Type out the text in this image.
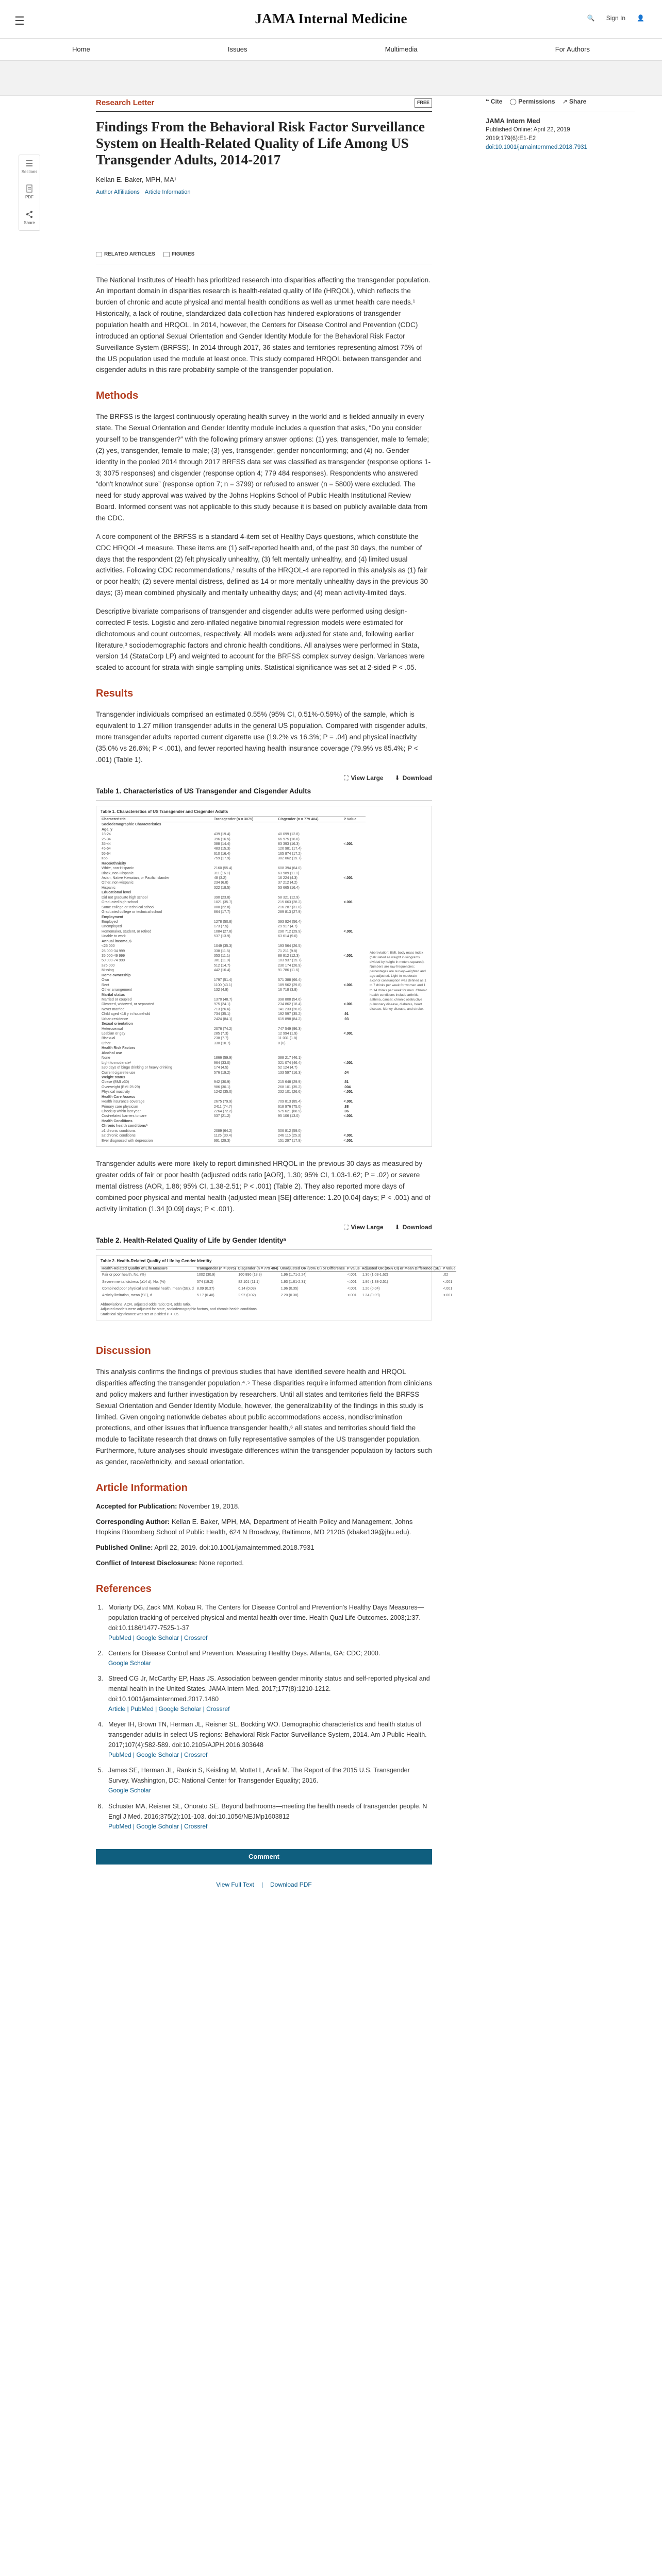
☰	JAMA Internal Medicine	🔍 Sign In 👤
Home	Issues	Multimedia	For Authors
Sections
PDF
Share
Research Letter	FREE
Findings From the Behavioral Risk Factor Surveillance System on Health-Related Quality of Life Among US Transgender Adults, 2014-2017
Kellan E. Baker, MPH, MA¹
Author Affiliations Article Information
RELATED ARTICLES	FIGURES

The National Institutes of Health has prioritized research into disparities affecting the transgender population. An important domain in disparities research is health-related quality of life (HRQOL), which reflects the burden of chronic and acute physical and mental health conditions as well as unmet health care needs.¹ Historically, a lack of routine, standardized data collection has hindered explorations of transgender population health and HRQOL. In 2014, however, the Centers for Disease Control and Prevention (CDC) introduced an optional Sexual Orientation and Gender Identity Module for the Behavioral Risk Factor Surveillance System (BRFSS). In 2014 through 2017, 36 states and territories representing almost 75% of the US population used the module at least once. This study compared HRQOL between transgender and cisgender adults in this rare probability sample of the transgender population.

Methods

The BRFSS is the largest continuously operating health survey in the world and is fielded annually in every state. The Sexual Orientation and Gender Identity module includes a question that asks, “Do you consider yourself to be transgender?” with the following primary answer options: (1) yes, transgender, male to female; (2) yes, transgender, female to male; (3) yes, transgender, gender nonconforming; and (4) no. Gender identity in the pooled 2014 through 2017 BRFSS data set was classified as transgender (response options 1-3; 3075 responses) and cisgender (response option 4; 779 484 responses). Respondents who answered “don't know/not sure” (response option 7; n = 3799) or refused to answer (n = 5800) were excluded. The need for study approval was waived by the Johns Hopkins School of Public Health Institutional Review Board. Informed consent was not applicable to this study because it is based on publicly available data from the CDC.

A core component of the BRFSS is a standard 4-item set of Healthy Days questions, which constitute the CDC HRQOL-4 measure. These items are (1) self-reported health and, of the past 30 days, the number of days that the respondent (2) felt physically unhealthy, (3) felt mentally unhealthy, and (4) limited usual activities. Following CDC recommendations,² results of the HRQOL-4 are reported in this analysis as (1) fair or poor health; (2) severe mental distress, defined as 14 or more mentally unhealthy days in the previous 30 days; (3) mean combined physically and mentally unhealthy days; and (4) mean activity-limited days.

Descriptive bivariate comparisons of transgender and cisgender adults were performed using design-corrected F tests. Logistic and zero-inflated negative binomial regression models were estimated for dichotomous and count outcomes, respectively. All models were adjusted for state and, following earlier literature,³ sociodemographic factors and chronic health conditions. All analyses were performed in Stata, version 14 (StataCorp LP) and weighted to account for the BRFSS complex survey design. Variances were scaled to account for strata with single sampling units. Statistical significance was set at 2-sided P < .05.

Results

Transgender individuals comprised an estimated 0.55% (95% CI, 0.51%-0.59%) of the sample, which is equivalent to 1.27 million transgender adults in the general US population. Compared with cisgender adults, more transgender adults reported current cigarette use (19.2% vs 16.3%; P = .04) and physical inactivity (35.0% vs 26.6%; P < .001), and fewer reported having health insurance coverage (79.9% vs 85.4%; P < .001) (Table 1).

⛶ View Large ⬇ Download
Table 1. Characteristics of US Transgender and Cisgender Adults
Table 1. Characteristics of US Transgender and Cisgender Adults
Characteristic	Transgender (n = 3075)	Cisgender (n = 779 484)	P Value
Sociodemographic Characteristics			
Age, y			
18-24	439 (19.4)	40 099 (12.8)	
25-34	396 (16.5)	66 975 (16.6)	
35-44	388 (14.4)	83 393 (16.3)	<.001
45-54	483 (15.3)	120 981 (17.4)	
55-64	610 (16.4)	165 874 (17.2)	
≥65	759 (17.9)	302 062 (19.7)	
Race/ethnicity			
White, non-Hispanic	2160 (55.4)	608 394 (64.0)	
Black, non-Hispanic	311 (16.1)	63 989 (11.1)	
Asian, Native Hawaiian, or Pacific Islander	48 (3.2)	16 224 (4.3)	<.001
Other, non-Hispanic	234 (6.8)	37 212 (4.2)	
Hispanic	322 (18.5)	53 665 (16.4)	
Educational level			
Did not graduate high school	390 (23.8)	58 321 (12.9)	
Graduated high school	1021 (35.7)	215 063 (28.2)	<.001
Some college or technical school	800 (22.8)	216 287 (31.0)	
Graduated college or technical school	864 (17.7)	289 813 (27.9)	
Employment			
Employed	1278 (50.8)	393 924 (56.4)	
Unemployed	173 (7.5)	29 917 (4.7)	
Homemaker, student, or retired	1084 (27.8)	290 712 (29.9)	<.001
Unable to work	537 (13.9)	63 614 (9.0)	
Annual income, $			
<25 000	1049 (35.3)	193 564 (26.5)	
25 000-34 999	338 (11.5)	71 211 (9.8)	
35 000-49 999	353 (11.1)	88 812 (12.3)	<.001
50 000-74 999	381 (11.0)	103 937 (15.7)	
≥75 000	512 (14.7)	230 174 (26.9)	
Missing	442 (16.4)	91 786 (11.6)	
Home ownership			
Own	1797 (51.4)	571 388 (66.4)	
Rent	1100 (43.1)	189 562 (29.8)	<.001
Other arrangement	132 (4.9)	16 718 (3.8)	
Marital status			
Married or coupled	1370 (48.7)	398 808 (54.6)	
Divorced, widowed, or separated	975 (24.1)	234 862 (18.4)	<.001
Never married	713 (26.6)	141 233 (26.6)	
Child aged <18 y in household	734 (35.1)	192 597 (35.2)	.91
Urban residence	2424 (84.1)	615 898 (84.2)	.93
Sexual orientation			
Heterosexual	2076 (74.2)	747 549 (96.3)	
Lesbian or gay	285 (7.3)	12 994 (1.9)	<.001
Bisexual	238 (7.7)	11 031 (1.8)	
Other	330 (10.7)	0 (0)	
Health Risk Factors			
Alcohol use			
None	1866 (59.9)	388 217 (46.1)	
Light to moderateᵃ	964 (33.0)	321 074 (46.4)	<.001
≥30 days of binge drinking or heavy drinking	174 (4.5)	52 124 (4.7)	
Current cigarette use	576 (19.2)	133 597 (16.3)	.04
Weight status			
Obese (BMI ≥30)	942 (30.9)	215 648 (29.9)	.51
Overweight (BMI 25-29)	986 (30.1)	268 101 (35.2)	.004
Physical inactivity	1242 (35.0)	232 101 (26.6)	<.001
Health Care Access			
Health insurance coverage	2675 (79.9)	709 813 (85.4)	<.001
Primary care physician	2411 (74.7)	618 976 (75.0)	.88
Checkup within last year	2264 (72.2)	575 621 (68.9)	.06
Cost-related barriers to care	537 (21.2)	95 106 (13.0)	<.001
Health Conditions			
Chronic health conditionsᵇ			
≥1 chronic conditions	2089 (64.2)	506 812 (59.0)	
≥2 chronic conditions	1126 (30.4)	246 115 (25.3)	<.001
Ever diagnosed with depression	991 (29.3)	151 297 (17.9)	<.001
Abbreviation: BMI, body mass index (calculated as weight in kilograms divided by height in meters squared). Numbers are raw frequencies; percentages are survey-weighted and age-adjusted. Light to moderate alcohol consumption was defined as 1 to 7 drinks per week for women and 1 to 14 drinks per week for men. Chronic health conditions include arthritis, asthma, cancer, chronic obstructive pulmonary disease, diabetes, heart disease, kidney disease, and stroke.

Transgender adults were more likely to report diminished HRQOL in the previous 30 days as measured by greater odds of fair or poor health (adjusted odds ratio [AOR], 1.30; 95% CI, 1.03-1.62; P = .02) or severe mental distress (AOR, 1.86; 95% CI, 1.38-2.51; P < .001) (Table 2). They also reported more days of combined poor physical and mental health (adjusted mean [SE] difference: 1.20 [0.04] days; P < .001) and of activity limitation (1.34 [0.09] days; P < .001).

⛶ View Large ⬇ Download
Table 2. Health-Related Quality of Life by Gender Identityᵃ
Table 2. Health-Related Quality of Life by Gender Identity
Health-Related Quality of Life Measure	Transgender (n = 3075)	Cisgender (n = 779 484)	Unadjusted OR (95% CI) or Difference	P Value	Adjusted OR (95% CI) or Mean Difference (SE)	P Value
Fair or poor health, No. (%)	1002 (30.9)	160 896 (18.3)	1.96 (1.71-2.24)	<.001	1.30 (1.03-1.62)	.02
Severe mental distress (≥14 d), No. (%)	574 (19.2)	82 101 (11.1)	1.93 (1.61-2.31)	<.001	1.86 (1.38-2.51)	<.001
Combined poor physical and mental health, mean (SE), d	8.09 (0.37)	6.14 (0.03)	1.96 (0.35)	<.001	1.20 (0.04)	<.001
Activity limitation, mean (SE), d	5.17 (0.40)	2.97 (0.02)	2.20 (0.38)	<.001	1.34 (0.09)	<.001
Abbreviations: AOR, adjusted odds ratio; OR, odds ratio.
Adjusted models were adjusted for state, sociodemographic factors, and chronic health conditions.
Statistical significance was set at 2-sided P < .05.
Discussion

This analysis confirms the findings of previous studies that have identified severe health and HRQOL disparities affecting the transgender population.⁴˒⁵ These disparities require informed attention from clinicians and policy makers and further investigation by researchers. Until all states and territories field the BRFSS Sexual Orientation and Gender Identity Module, however, the generalizability of the findings in this study is limited. Given ongoing nationwide debates about public accommodations access, nondiscrimination protections, and other issues that influence transgender health,⁶ all states and territories should field the module to facilitate research that draws on fully representative samples of the US transgender population. Furthermore, future analyses should investigate differences within the transgender population by factors such as gender, race/ethnicity, and sexual orientation.

Article Information
Accepted for Publication: November 19, 2018.
Corresponding Author: Kellan E. Baker, MPH, MA, Department of Health Policy and Management, Johns Hopkins Bloomberg School of Public Health, 624 N Broadway, Baltimore, MD 21205 (kbake139@jhu.edu).
Published Online: April 22, 2019. doi:10.1001/jamainternmed.2018.7931
Conflict of Interest Disclosures: None reported.
References
1. Moriarty DG, Zack MM, Kobau R. The Centers for Disease Control and Prevention's Healthy Days Measures—population tracking of perceived physical and mental health over time. Health Qual Life Outcomes. 2003;1:37. doi:10.1186/1477-7525-1-37
PubMed | Google Scholar | Crossref
2. Centers for Disease Control and Prevention. Measuring Healthy Days. Atlanta, GA: CDC; 2000.
Google Scholar
3. Streed CG Jr, McCarthy EP, Haas JS. Association between gender minority status and self-reported physical and mental health in the United States. JAMA Intern Med. 2017;177(8):1210-1212. doi:10.1001/jamainternmed.2017.1460
Article | PubMed | Google Scholar | Crossref
4. Meyer IH, Brown TN, Herman JL, Reisner SL, Bockting WO. Demographic characteristics and health status of transgender adults in select US regions: Behavioral Risk Factor Surveillance System, 2014. Am J Public Health. 2017;107(4):582-589. doi:10.2105/AJPH.2016.303648
PubMed | Google Scholar | Crossref
5. James SE, Herman JL, Rankin S, Keisling M, Mottet L, Anafi M. The Report of the 2015 U.S. Transgender Survey. Washington, DC: National Center for Transgender Equality; 2016.
Google Scholar
6. Schuster MA, Reisner SL, Onorato SE. Beyond bathrooms—meeting the health needs of transgender people. N Engl J Med. 2016;375(2):101-103. doi:10.1056/NEJMp1603812
PubMed | Google Scholar | Crossref
Comment
View Full Text | Download PDF
❝ Cite ◯ Permissions ↗ Share
JAMA Intern Med
Published Online: April 22, 2019
2019;179(6):E1-E2
doi:10.1001/jamainternmed.2018.7931
